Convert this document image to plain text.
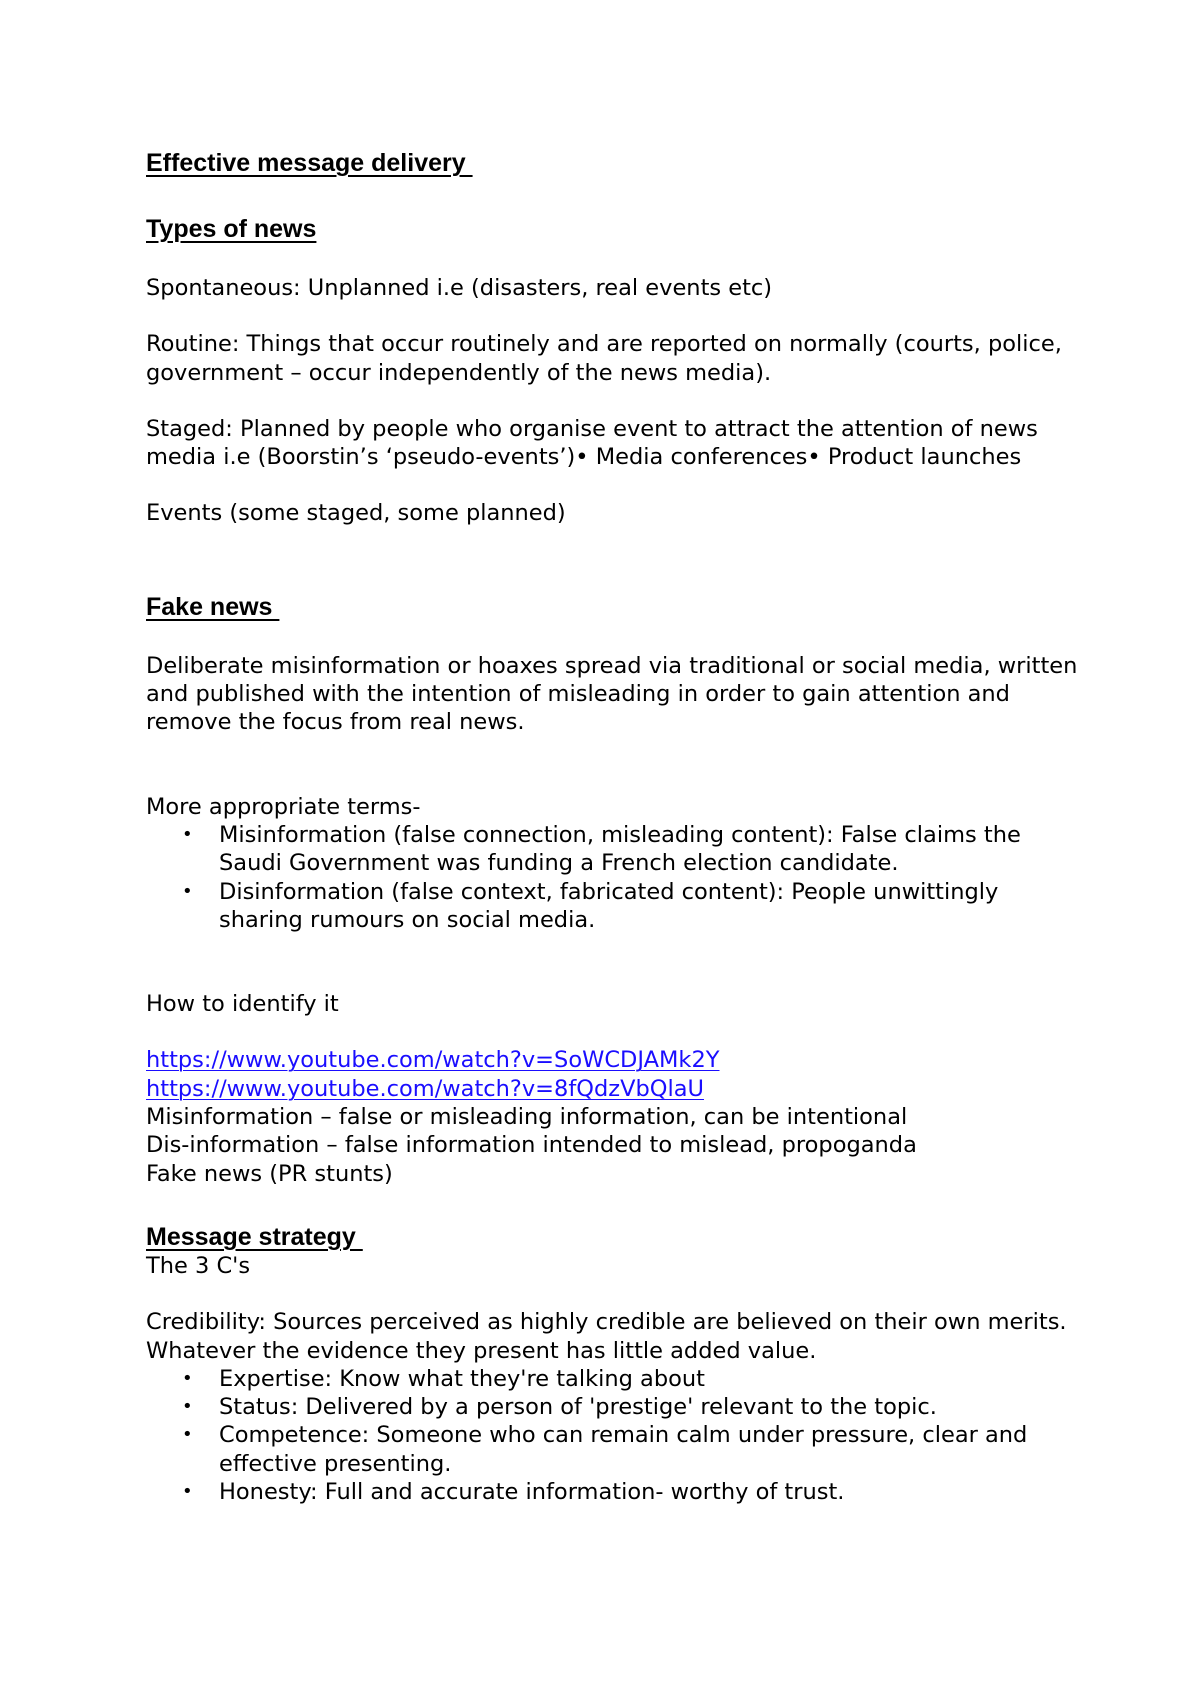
Effective message delivery
Types of news

Spontaneous: Unplanned i.e (disasters, real events etc)

Routine: Things that occur routinely and are reported on normally (courts, police, government – occur independently of the news media).

Staged: Planned by people who organise event to attract the attention of news media i.e (Boorstin’s ‘pseudo-events’)• Media conferences• Product launches

Events (some staged, some planned)

Fake news

Deliberate misinformation or hoaxes spread via traditional or social media, written and published with the intention of misleading in order to gain attention and remove the focus from real news.

More appropriate terms-

• Misinformation (false connection, misleading content): False claims the Saudi Government was funding a French election candidate.
• Disinformation (false context, fabricated content): People unwittingly sharing rumours on social media.

How to identify it

https://www.youtube.com/watch?v=SoWCDJAMk2Y
https://www.youtube.com/watch?v=8fQdzVbQlaU

Misinformation – false or misleading information, can be intentional

Dis-information – false information intended to mislead, propoganda

Fake news (PR stunts)

Message strategy

The 3 C's

Credibility: Sources perceived as highly credible are believed on their own merits. Whatever the evidence they present has little added value.

• Expertise: Know what they're talking about
• Status: Delivered by a person of 'prestige' relevant to the topic.
• Competence: Someone who can remain calm under pressure, clear and effective presenting.
• Honesty: Full and accurate information- worthy of trust.
